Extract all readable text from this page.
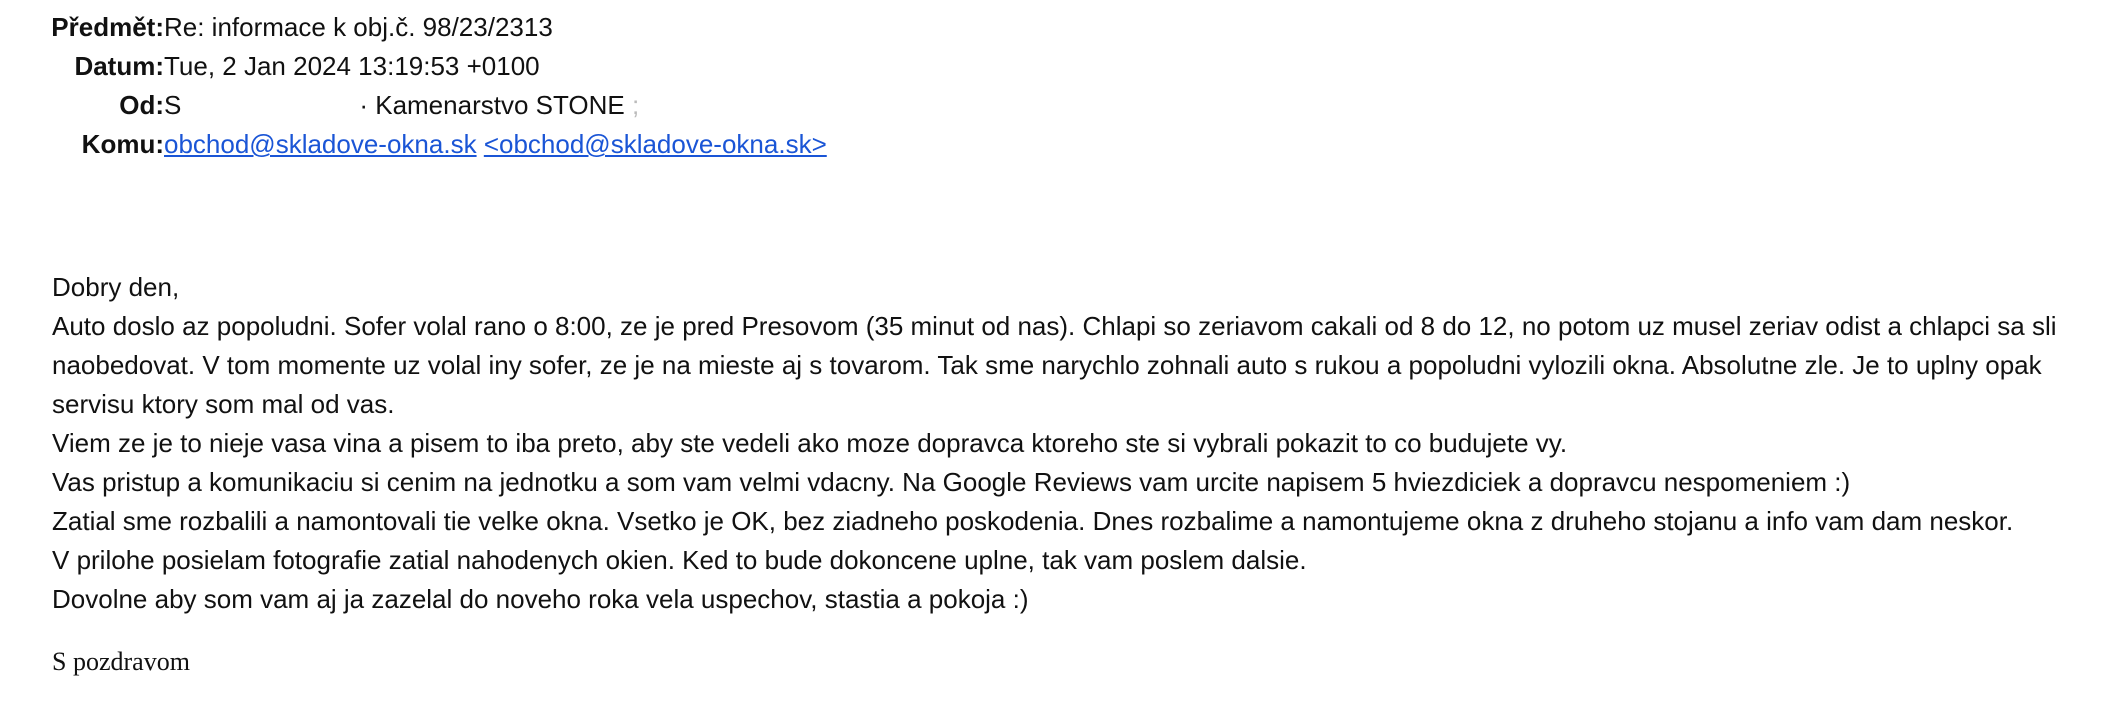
Předmět: Re: informace k obj.č. 98/23/2313
Datum: Tue, 2 Jan 2024 13:19:53 +0100
Od: S	· Kamenarstvo STONE ;
Komu: obchod@skladove-okna.sk <obchod@skladove-okna.sk>

Dobry den,

Auto doslo az popoludni. Sofer volal rano o 8:00, ze je pred Presovom (35 minut od nas). Chlapi so zeriavom cakali od 8 do 12, no potom uz musel zeriav odist a chlapci sa sli naobedovat. V tom momente uz volal iny sofer, ze je na mieste aj s tovarom. Tak sme narychlo zohnali auto s rukou a popoludni vylozili okna. Absolutne zle. Je to uplny opak servisu ktory som mal od vas.

Viem ze je to nieje vasa vina a pisem to iba preto, aby ste vedeli ako moze dopravca ktoreho ste si vybrali pokazit to co budujete vy.

Vas pristup a komunikaciu si cenim na jednotku a som vam velmi vdacny. Na Google Reviews vam urcite napisem 5 hviezdiciek a dopravcu nespomeniem :)

Zatial sme rozbalili a namontovali tie velke okna. Vsetko je OK, bez ziadneho poskodenia. Dnes rozbalime a namontujeme okna z druheho stojanu a info vam dam neskor.

V prilohe posielam fotografie zatial nahodenych okien. Ked to bude dokoncene uplne, tak vam poslem dalsie.

Dovolne aby som vam aj ja zazelal do noveho roka vela uspechov, stastia a pokoja :)

S pozdravom
